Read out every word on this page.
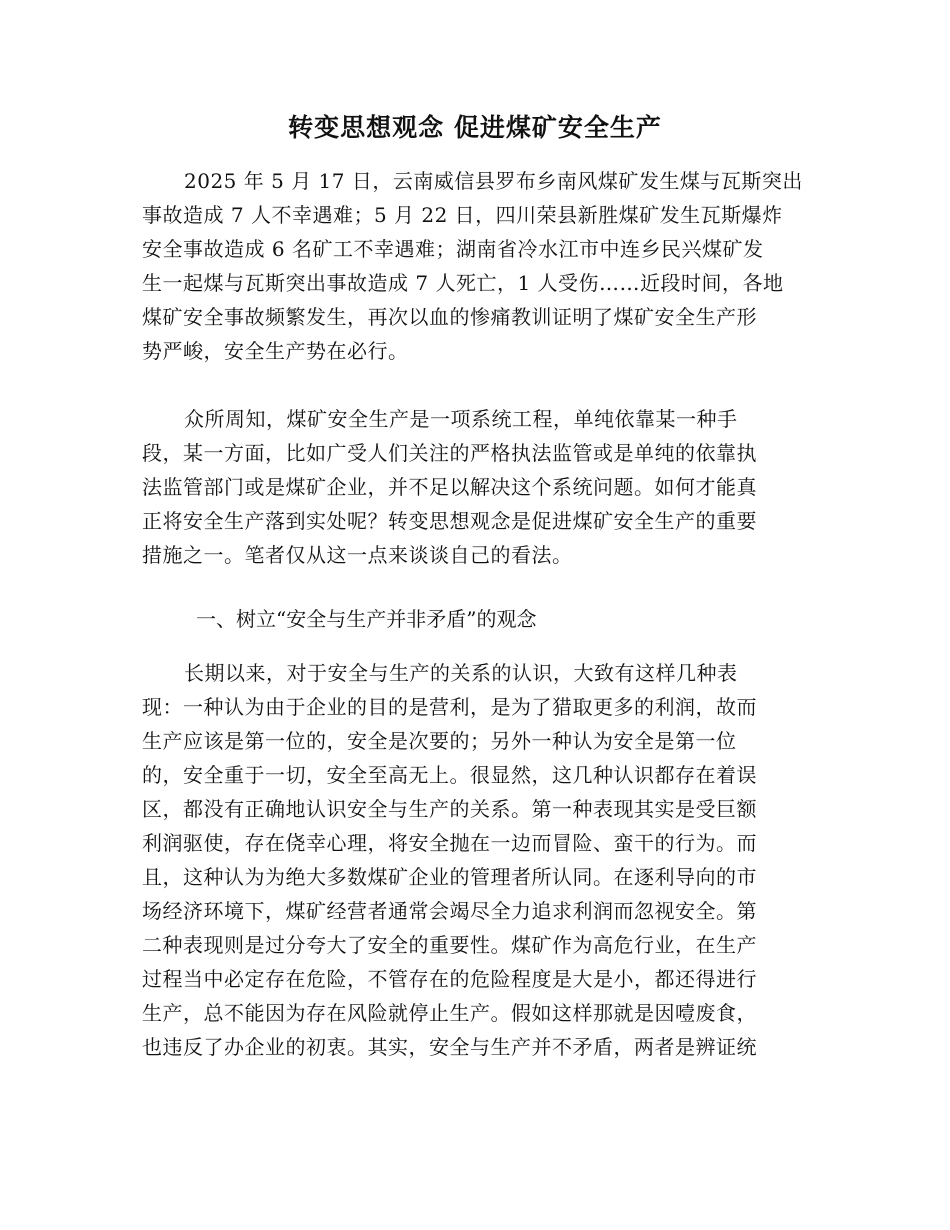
转变思想观念 促进煤矿安全生产
2025 年 5 月 17 日，云南威信县罗布乡南风煤矿发生煤与瓦斯突出
事故造成 7 人不幸遇难；5 月 22 日，四川荣县新胜煤矿发生瓦斯爆炸
安全事故造成 6 名矿工不幸遇难；湖南省冷水江市中连乡民兴煤矿发
生一起煤与瓦斯突出事故造成 7 人死亡，1 人受伤……近段时间，各地
煤矿安全事故频繁发生，再次以血的惨痛教训证明了煤矿安全生产形
势严峻，安全生产势在必行。
众所周知，煤矿安全生产是一项系统工程，单纯依靠某一种手
段，某一方面，比如广受人们关注的严格执法监管或是单纯的依靠执
法监管部门或是煤矿企业，并不足以解决这个系统问题。如何才能真
正将安全生产落到实处呢？转变思想观念是促进煤矿安全生产的重要
措施之一。笔者仅从这一点来谈谈自己的看法。
一、树立“安全与生产并非矛盾”的观念
长期以来，对于安全与生产的关系的认识，大致有这样几种表
现：一种认为由于企业的目的是营利，是为了猎取更多的利润，故而
生产应该是第一位的，安全是次要的；另外一种认为安全是第一位
的，安全重于一切，安全至高无上。很显然，这几种认识都存在着误
区，都没有正确地认识安全与生产的关系。第一种表现其实是受巨额
利润驱使，存在侥幸心理，将安全抛在一边而冒险、蛮干的行为。而
且，这种认为为绝大多数煤矿企业的管理者所认同。在逐利导向的市
场经济环境下，煤矿经营者通常会竭尽全力追求利润而忽视安全。第
二种表现则是过分夸大了安全的重要性。煤矿作为高危行业，在生产
过程当中必定存在危险，不管存在的危险程度是大是小，都还得进行
生产，总不能因为存在风险就停止生产。假如这样那就是因噎废食，
也违反了办企业的初衷。其实，安全与生产并不矛盾，两者是辨证统
